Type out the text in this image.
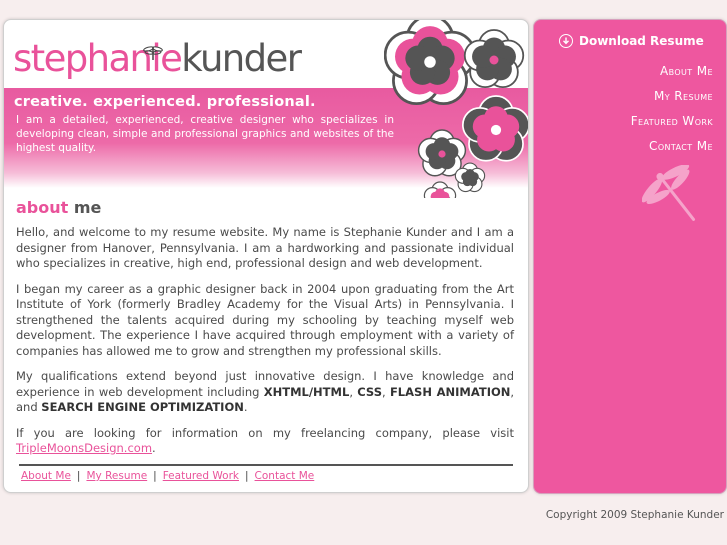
stephaniekunder
creative. experienced. professional.

I am a detailed, experienced, creative designer who specializes in developing clean, simple and professional graphics and websites of the highest quality.

about me

Hello, and welcome to my resume website. My name is Stephanie Kunder and I am a designer from Hanover, Pennsylvania. I am a hardworking and passionate individual who specializes in creative, high end, professional design and web development.

I began my career as a graphic designer back in 2004 upon graduating from the Art Institute of York (formerly Bradley Academy for the Visual Arts) in Pennsylvania. I strengthened the talents acquired during my schooling by teaching myself web development. The experience I have acquired through employment with a variety of companies has allowed me to grow and strengthen my professional skills.

My qualifications extend beyond just innovative design. I have knowledge and experience in web development including XHTML/HTML, CSS, FLASH ANIMATION, and SEARCH ENGINE OPTIMIZATION.

If you are looking for information on my freelancing company, please visit TripleMoonsDesign.com.

About Me | My Resume | Featured Work | Contact Me
Download Resume
About Me
My Resume
Featured Work
Contact Me
Copyright 2009 Stephanie Kunder
